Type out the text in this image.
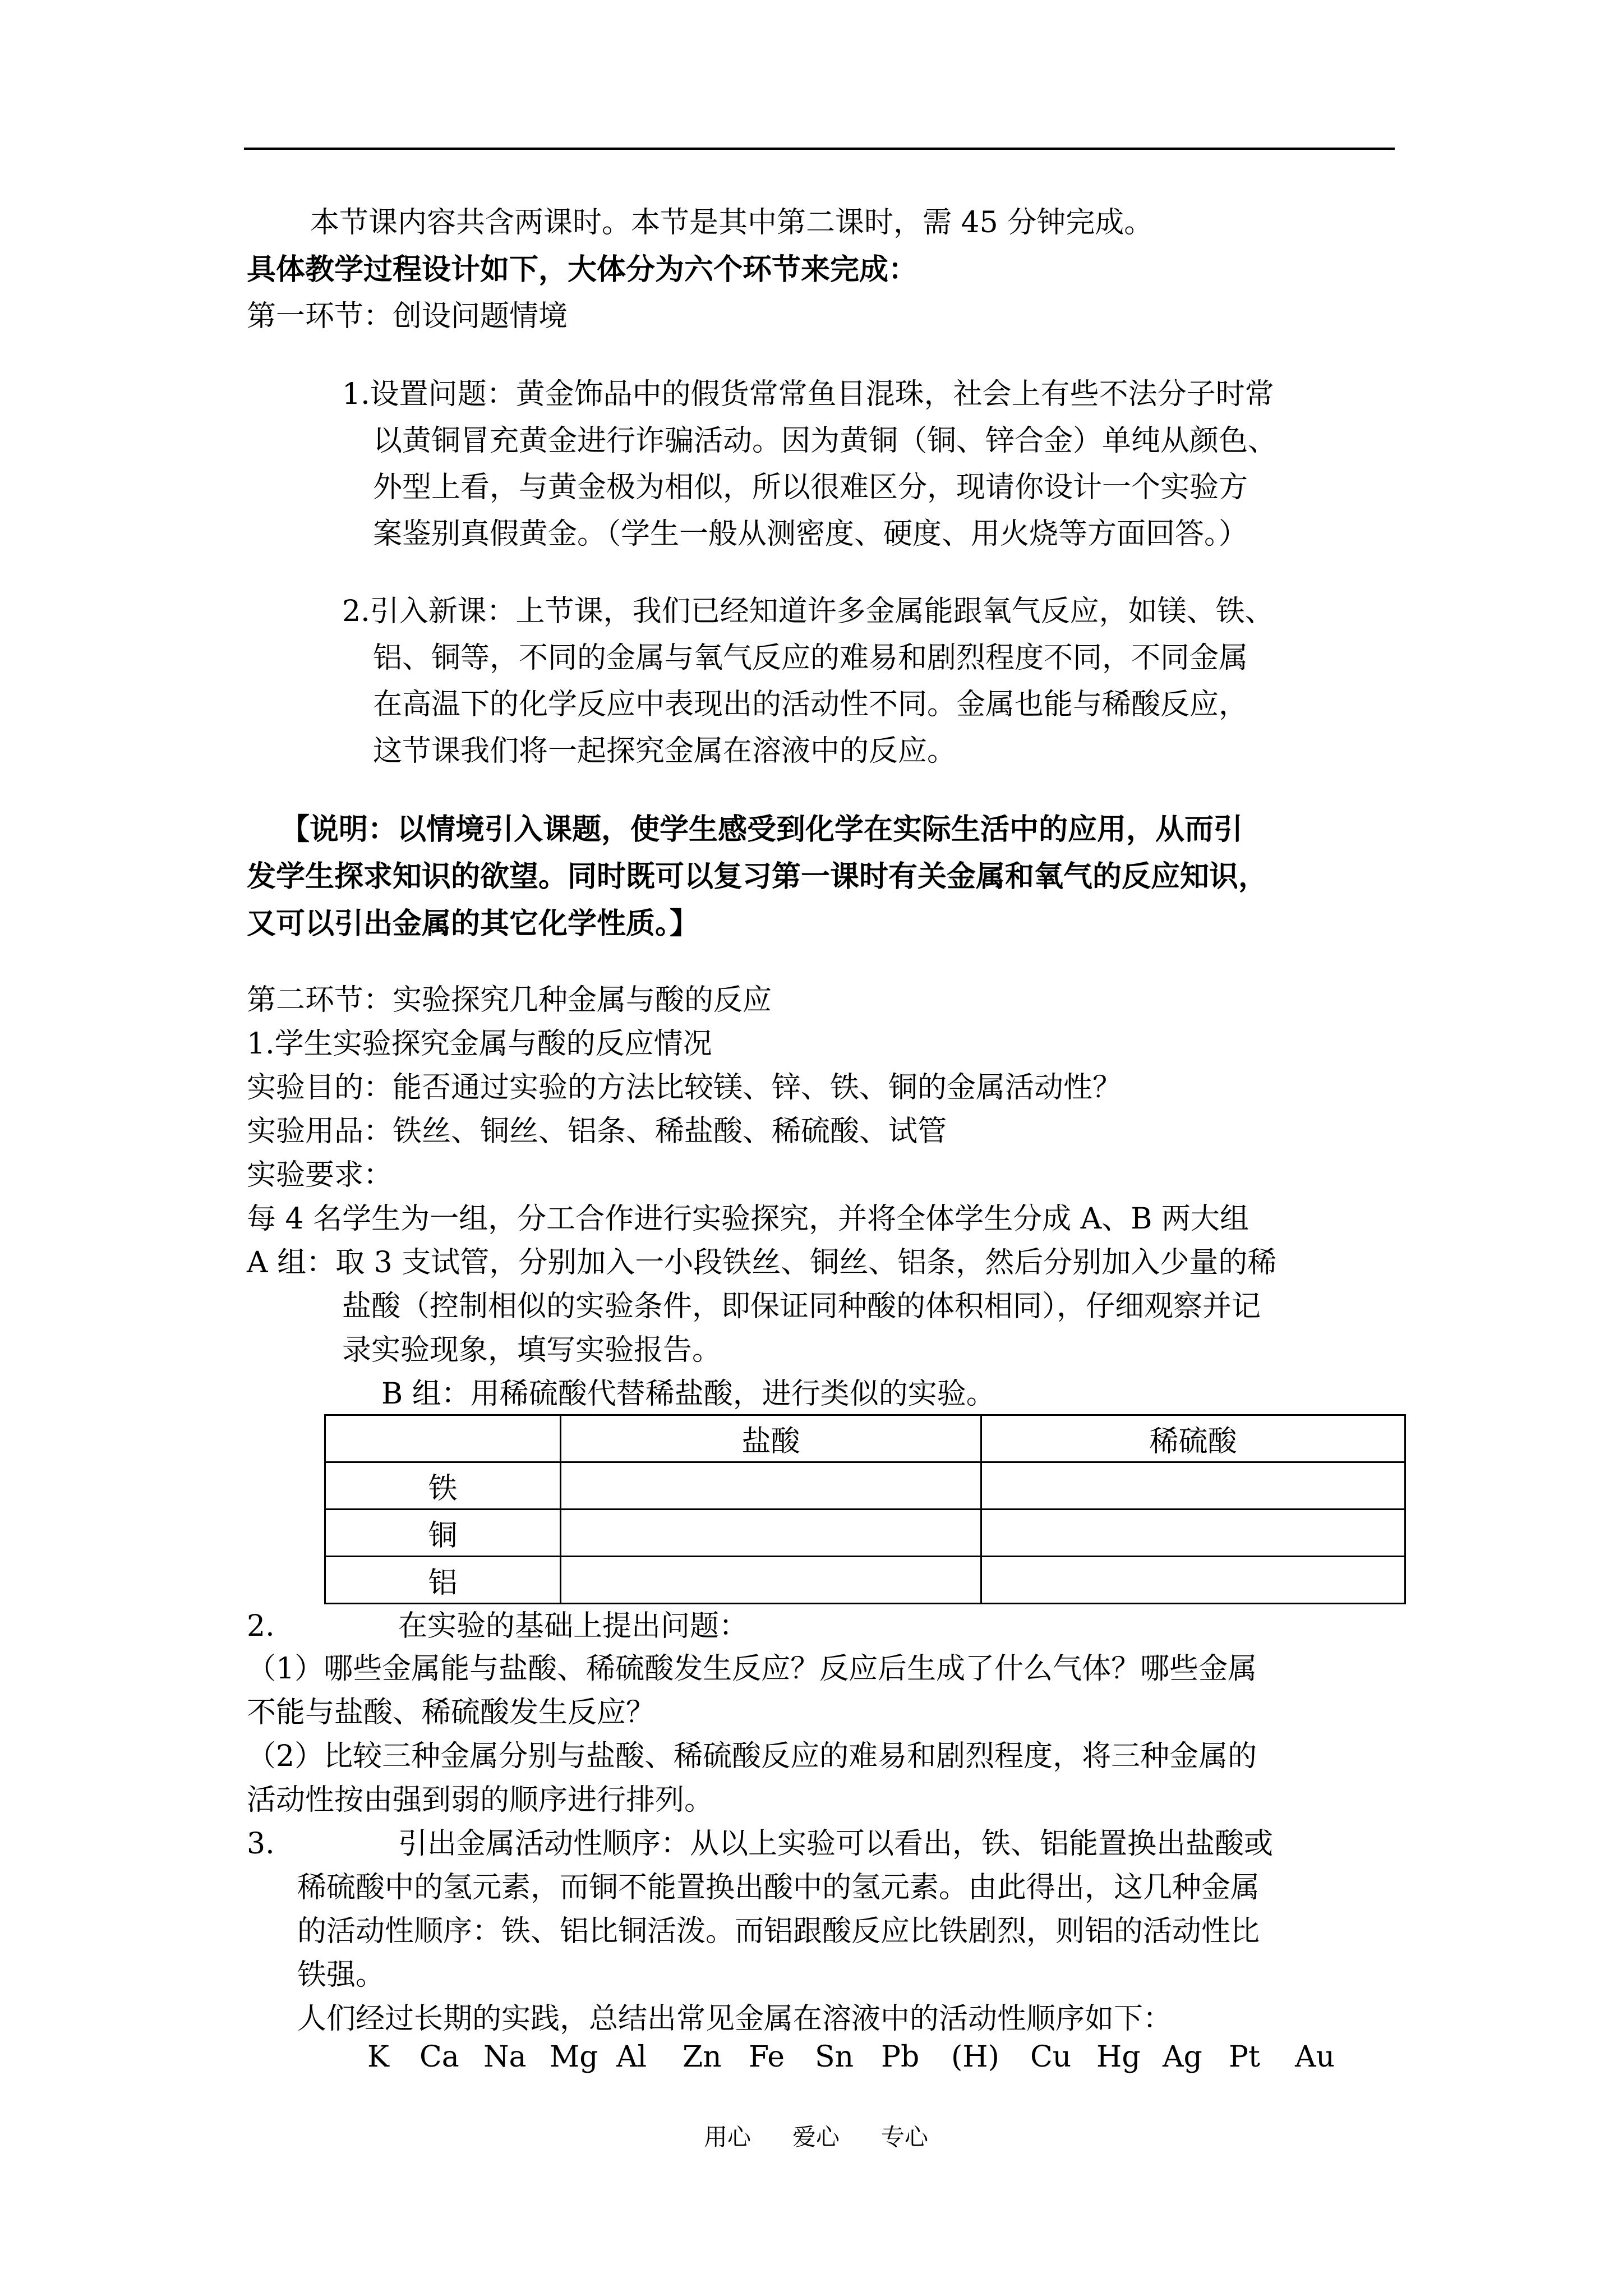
本节课内容共含两课时。本节是其中第二课时，需 45 分钟完成。
具体教学过程设计如下，大体分为六个环节来完成：
第一环节：创设问题情境
1.设置问题：黄金饰品中的假货常常鱼目混珠，社会上有些不法分子时常
以黄铜冒充黄金进行诈骗活动。因为黄铜（铜、锌合金）单纯从颜色、
外型上看，与黄金极为相似，所以很难区分，现请你设计一个实验方
案鉴别真假黄金。（学生一般从测密度、硬度、用火烧等方面回答。）
2.引入新课：上节课，我们已经知道许多金属能跟氧气反应，如镁、铁、
铝、铜等，不同的金属与氧气反应的难易和剧烈程度不同，不同金属
在高温下的化学反应中表现出的活动性不同。金属也能与稀酸反应，
这节课我们将一起探究金属在溶液中的反应。
【说明：以情境引入课题，使学生感受到化学在实际生活中的应用，从而引
发学生探求知识的欲望。同时既可以复习第一课时有关金属和氧气的反应知识，
又可以引出金属的其它化学性质。】
第二环节：实验探究几种金属与酸的反应
1.学生实验探究金属与酸的反应情况
实验目的：能否通过实验的方法比较镁、锌、铁、铜的金属活动性？
实验用品：铁丝、铜丝、铝条、稀盐酸、稀硫酸、试管
实验要求：
每 4 名学生为一组，分工合作进行实验探究，并将全体学生分成 A、B 两大组
A 组：取 3 支试管，分别加入一小段铁丝、铜丝、铝条，然后分别加入少量的稀
盐酸（控制相似的实验条件，即保证同种酸的体积相同），仔细观察并记
录实验现象，填写实验报告。
B 组：用稀硫酸代替稀盐酸，进行类似的实验。
	盐酸	稀硫酸
铁		
铜		
铝		
2.	在实验的基础上提出问题：
（1）哪些金属能与盐酸、稀硫酸发生反应？反应后生成了什么气体？哪些金属
不能与盐酸、稀硫酸发生反应？
（2）比较三种金属分别与盐酸、稀硫酸反应的难易和剧烈程度，将三种金属的
活动性按由强到弱的顺序进行排列。
3.	引出金属活动性顺序：从以上实验可以看出，铁、铝能置换出盐酸或
稀硫酸中的氢元素，而铜不能置换出酸中的氢元素。由此得出，这几种金属
的活动性顺序：铁、铝比铜活泼。而铝跟酸反应比铁剧烈，则铝的活动性比
铁强。
人们经过长期的实践，总结出常见金属在溶液中的活动性顺序如下：
K Ca Na Mg Al Zn Fe Sn Pb (H) Cu Hg Ag Pt Au
用心 爱心 专心
